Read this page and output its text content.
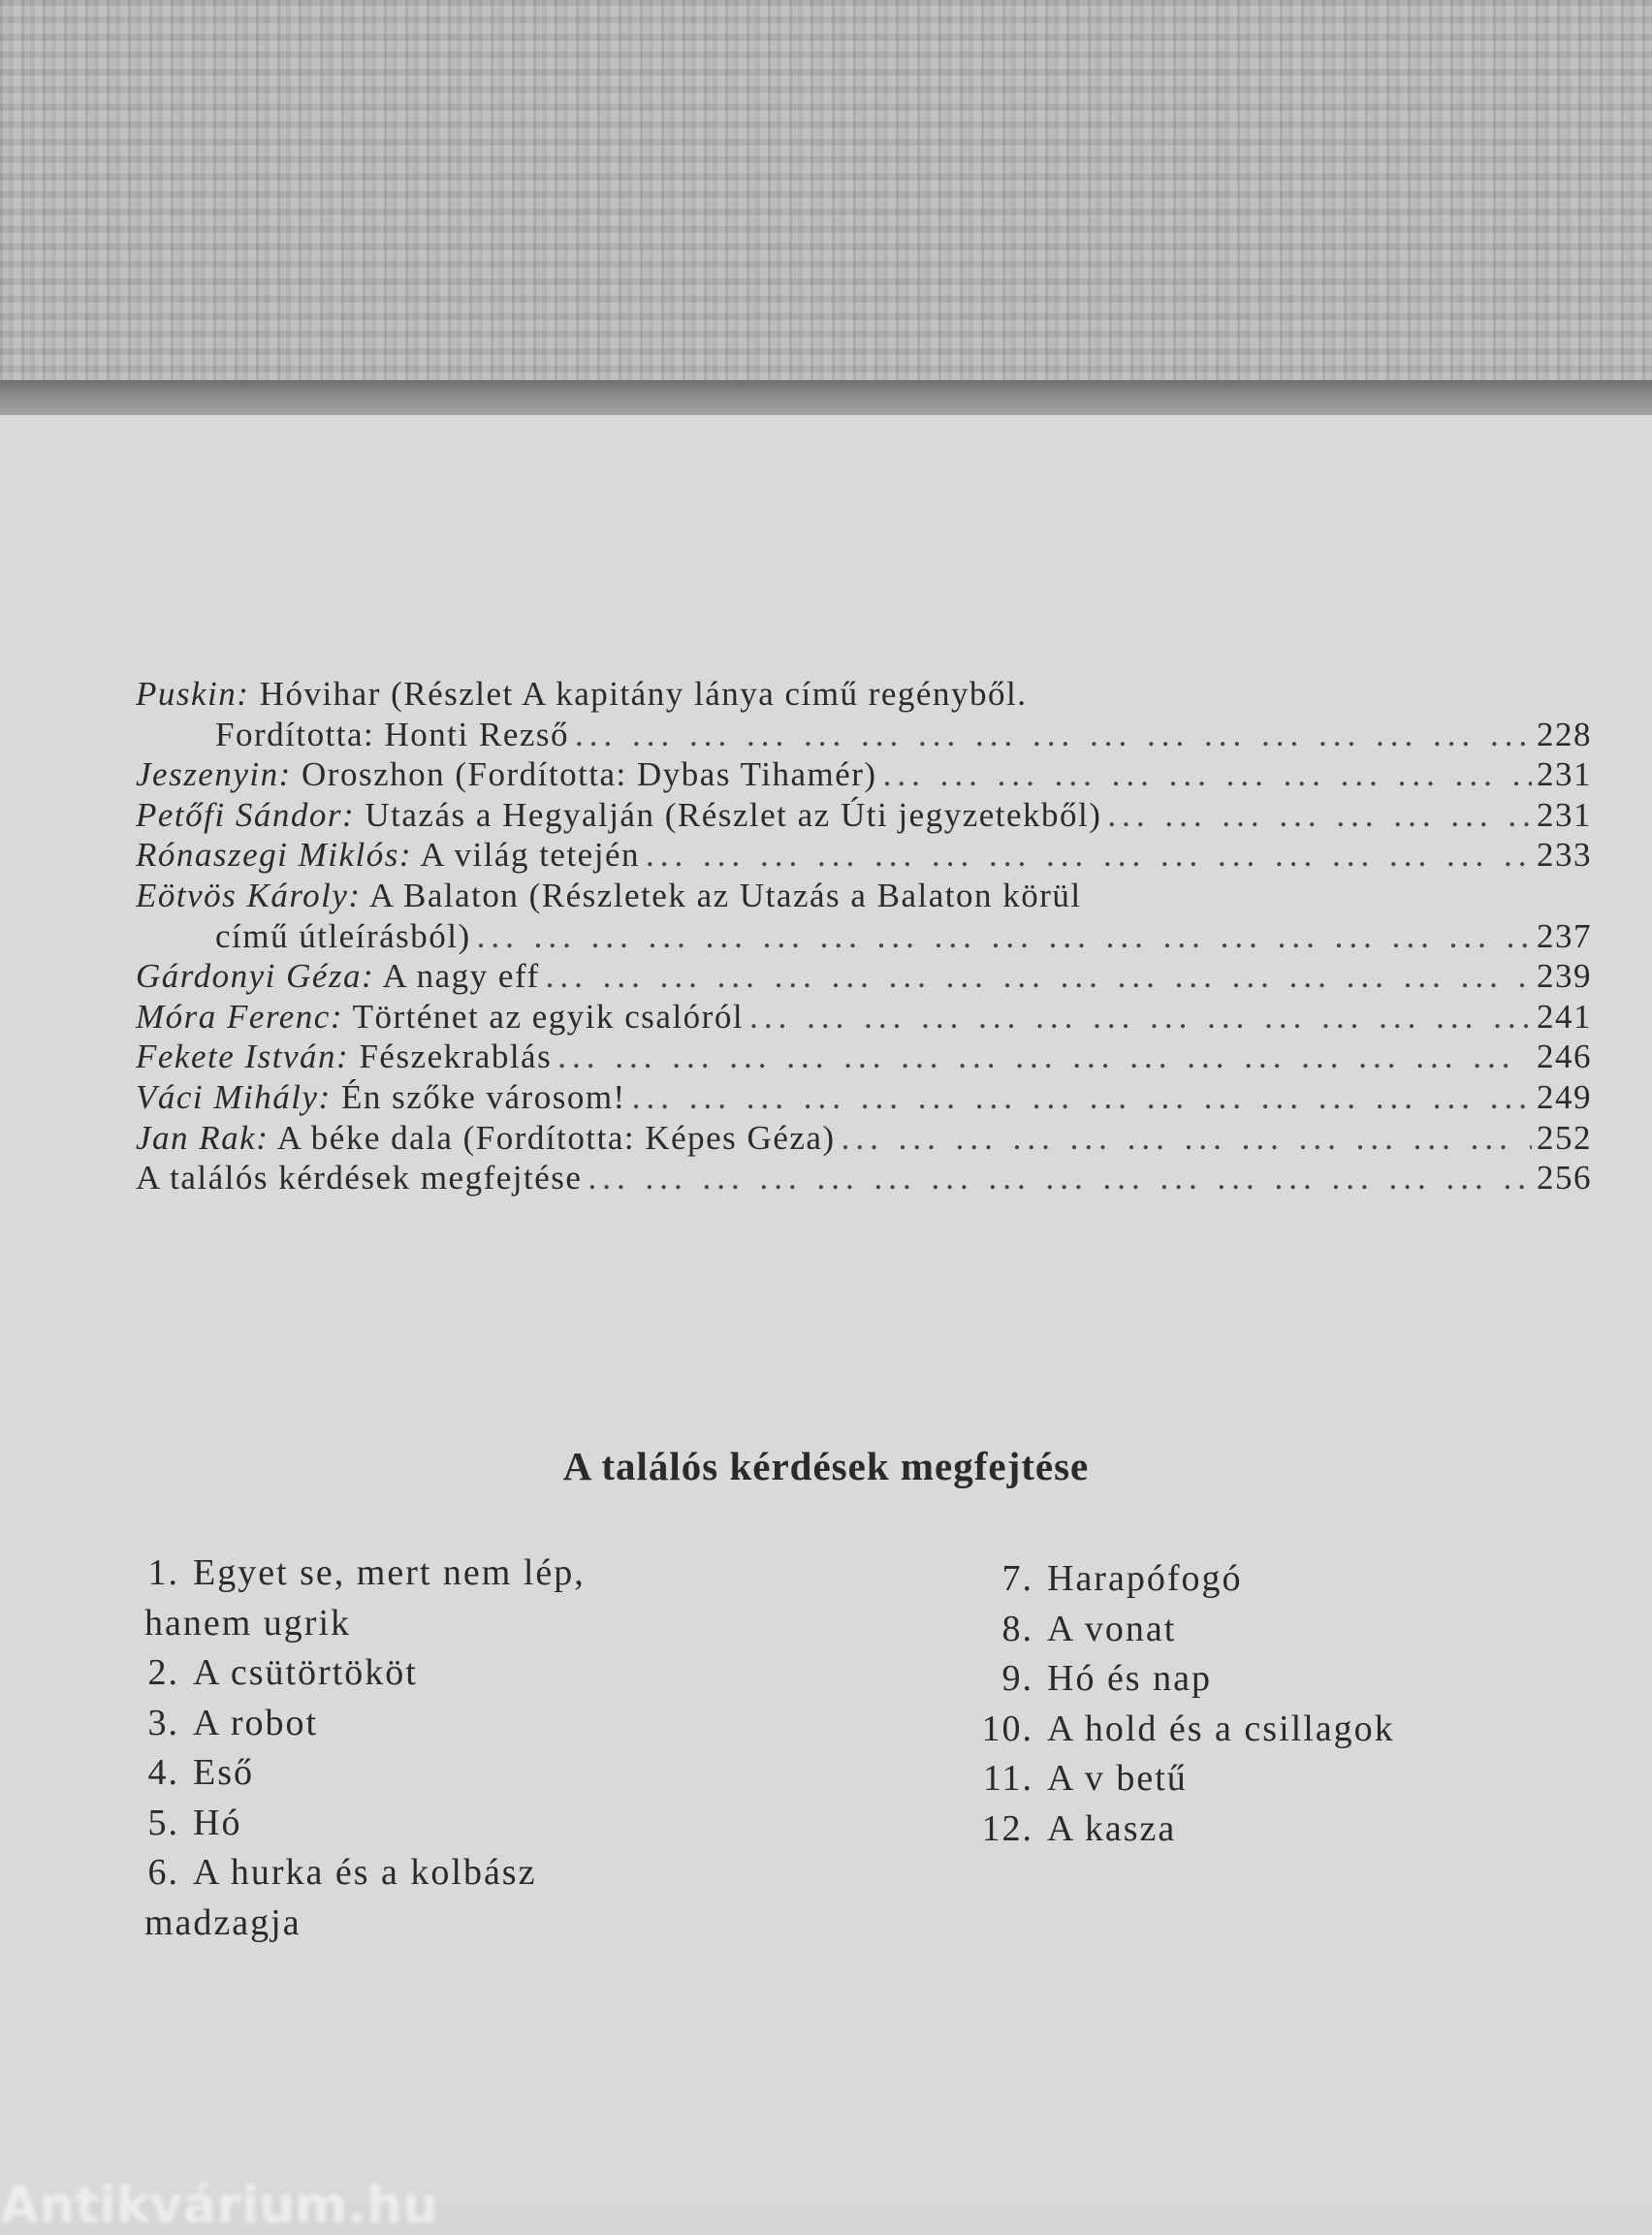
Puskin: Hóvihar (Részlet A kapitány lánya című regényből.
Fordította: Honti Rezső ... .	228
Jeszenyin: Oroszhon (Fordította: Dybas Tihamér) ... .	231
Petőfi Sándor: Utazás a Hegyalján (Részlet az Úti jegyzetekből) ... .	231
Rónaszegi Miklós: A világ tetején ... .	233
Eötvös Károly: A Balaton (Részletek az Utazás a Balaton körül
című útleírásból) ... .	237
Gárdonyi Géza: A nagy eff ... .	239
Móra Ferenc: Történet az egyik csalóról ... .	241
Fekete István: Fészekrablás ... .	246
Váci Mihály: Én szőke városom! ... .	249
Jan Rak: A béke dala (Fordította: Képes Géza) ... .	252
A találós kérdések megfejtése ... .	256
A találós kérdések megfejtése
1. Egyet se, mert nem lép,
hanem ugrik
2. A csütörtököt
3. A robot
4. Eső
5. Hó
6. A hurka és a kolbász
madzagja
7. Harapófogó
8. A vonat
9. Hó és nap
10. A hold és a csillagok
11. A v betű
12. A kasza
Antikvárium.hu
